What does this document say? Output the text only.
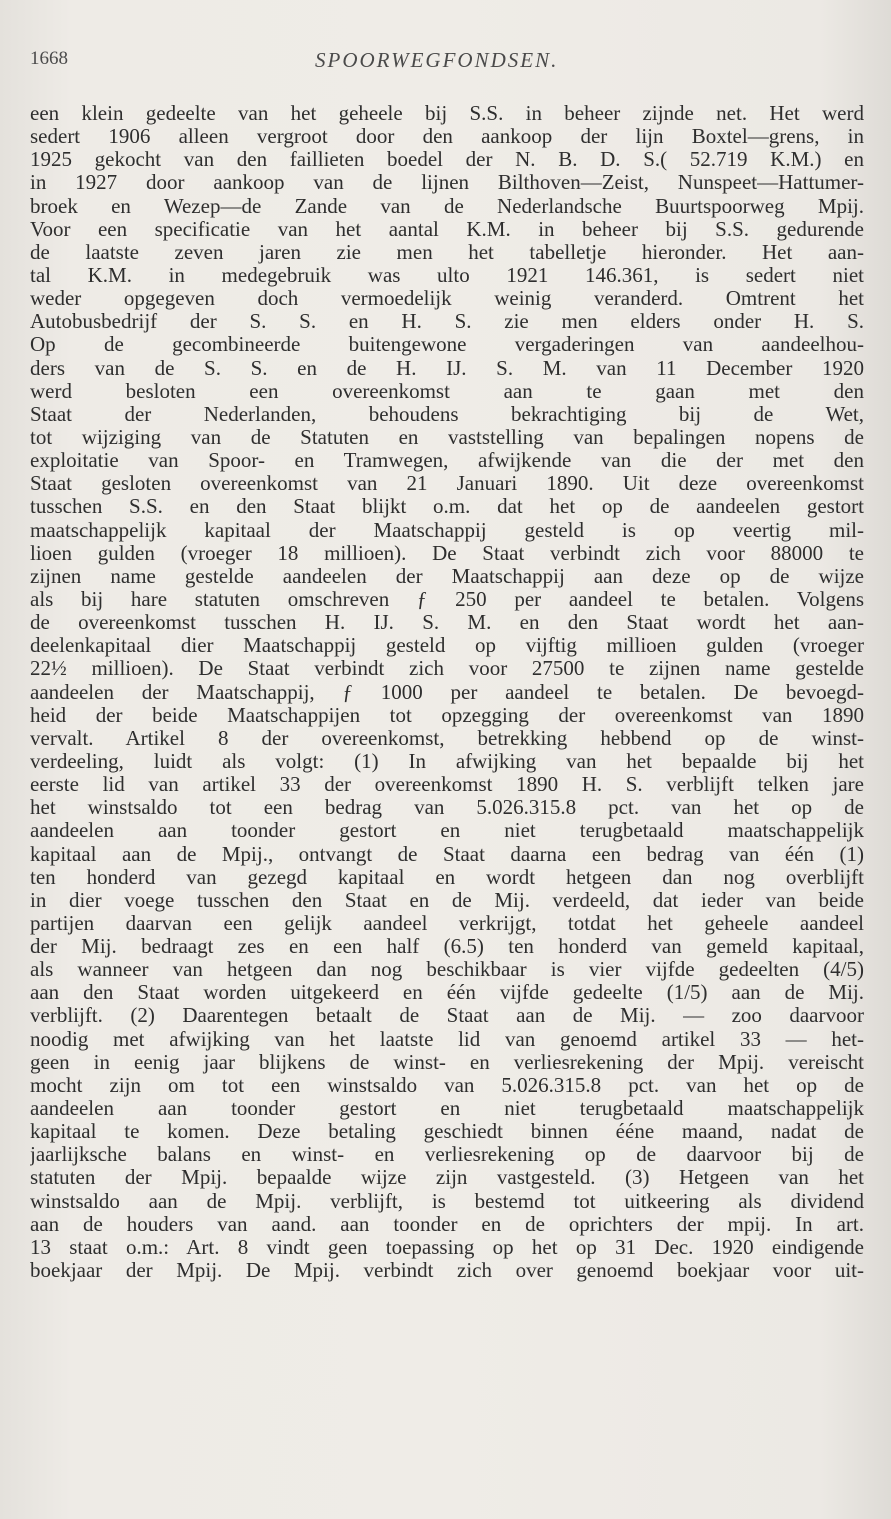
1668	SPOORWEGFONDSEN.
een klein gedeelte van het geheele bij S.S. in beheer zijnde net. Het werd
sedert 1906 alleen vergroot door den aankoop der lijn Boxtel—grens, in
1925 gekocht van den faillieten boedel der N. B. D. S.( 52.719 K.M.) en
in 1927 door aankoop van de lijnen Bilthoven—Zeist, Nunspeet—Hattumer-
broek en Wezep—de Zande van de Nederlandsche Buurtspoorweg Mpij.
Voor een specificatie van het aantal K.M. in beheer bij S.S. gedurende
de laatste zeven jaren zie men het tabelletje hieronder. Het aan-
tal K.M. in medegebruik was ulto 1921 146.361, is sedert niet
weder opgegeven doch vermoedelijk weinig veranderd. Omtrent het
Autobusbedrijf der S. S. en H. S. zie men elders onder H. S.
Op de gecombineerde buitengewone vergaderingen van aandeelhou-
ders van de S. S. en de H. IJ. S. M. van 11 December 1920
werd besloten een overeenkomst aan te gaan met den
Staat der Nederlanden, behoudens bekrachtiging bij de Wet,
tot wijziging van de Statuten en vaststelling van bepalingen nopens de
exploitatie van Spoor- en Tramwegen, afwijkende van die der met den
Staat gesloten overeenkomst van 21 Januari 1890. Uit deze overeenkomst
tusschen S.S. en den Staat blijkt o.m. dat het op de aandeelen gestort
maatschappelijk kapitaal der Maatschappij gesteld is op veertig mil-
lioen gulden (vroeger 18 millioen). De Staat verbindt zich voor 88000 te
zijnen name gestelde aandeelen der Maatschappij aan deze op de wijze
als bij hare statuten omschreven ƒ 250 per aandeel te betalen. Volgens
de overeenkomst tusschen H. IJ. S. M. en den Staat wordt het aan-
deelenkapitaal dier Maatschappij gesteld op vijftig millioen gulden (vroeger
22½ millioen). De Staat verbindt zich voor 27500 te zijnen name gestelde
aandeelen der Maatschappij, ƒ 1000 per aandeel te betalen. De bevoegd-
heid der beide Maatschappijen tot opzegging der overeenkomst van 1890
vervalt. Artikel 8 der overeenkomst, betrekking hebbend op de winst-
verdeeling, luidt als volgt: (1) In afwijking van het bepaalde bij het
eerste lid van artikel 33 der overeenkomst 1890 H. S. verblijft telken jare
het winstsaldo tot een bedrag van 5.026.315.8 pct. van het op de
aandeelen aan toonder gestort en niet terugbetaald maatschappelijk
kapitaal aan de Mpij., ontvangt de Staat daarna een bedrag van één (1)
ten honderd van gezegd kapitaal en wordt hetgeen dan nog overblijft
in dier voege tusschen den Staat en de Mij. verdeeld, dat ieder van beide
partijen daarvan een gelijk aandeel verkrijgt, totdat het geheele aandeel
der Mij. bedraagt zes en een half (6.5) ten honderd van gemeld kapitaal,
als wanneer van hetgeen dan nog beschikbaar is vier vijfde gedeelten (4/5)
aan den Staat worden uitgekeerd en één vijfde gedeelte (1/5) aan de Mij.
verblijft. (2) Daarentegen betaalt de Staat aan de Mij. — zoo daarvoor
noodig met afwijking van het laatste lid van genoemd artikel 33 — het-
geen in eenig jaar blijkens de winst- en verliesrekening der Mpij. vereischt
mocht zijn om tot een winstsaldo van 5.026.315.8 pct. van het op de
aandeelen aan toonder gestort en niet terugbetaald maatschappelijk
kapitaal te komen. Deze betaling geschiedt binnen ééne maand, nadat de
jaarlijksche balans en winst- en verliesrekening op de daarvoor bij de
statuten der Mpij. bepaalde wijze zijn vastgesteld. (3) Hetgeen van het
winstsaldo aan de Mpij. verblijft, is bestemd tot uitkeering als dividend
aan de houders van aand. aan toonder en de oprichters der mpij. In art.
13 staat o.m.: Art. 8 vindt geen toepassing op het op 31 Dec. 1920 eindigende
boekjaar der Mpij. De Mpij. verbindt zich over genoemd boekjaar voor uit-
